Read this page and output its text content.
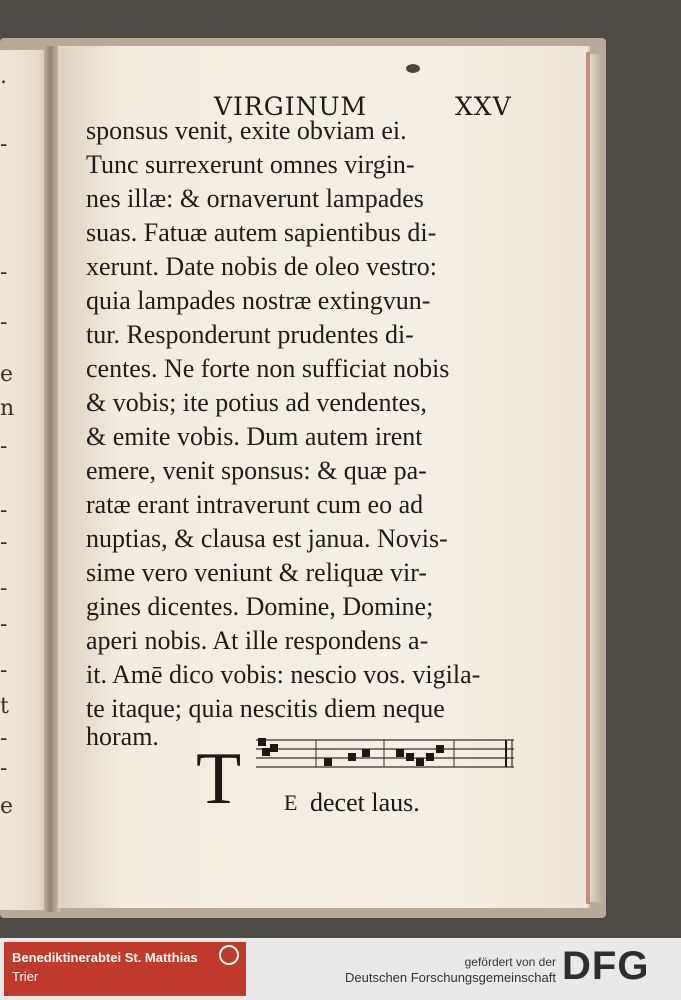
.
-
-
-
e
n
-
-
-
-
-
-
t
-
-
e
VIRGINUM	XXV
sponsus venit, exite obviam ei.
Tunc surrexerunt omnes virgin-
nes illæ: & ornaverunt lampades
suas. Fatuæ autem sapientibus di-
xerunt. Date nobis de oleo vestro:
quia lampades nostræ extingvun-
tur. Responderunt prudentes di-
centes. Ne forte non sufficiat nobis
& vobis; ite potius ad vendentes,
& emite vobis. Dum autem irent
emere, venit sponsus: & quæ pa-
ratæ erant intraverunt cum eo ad
nuptias, & clausa est janua. Novis-
sime vero veniunt & reliquæ vir-
gines dicentes. Domine, Domine;
aperi nobis. At ille respondens a-
it. Amē dico vobis: nescio vos. vigila-
te itaque; quia nescitis diem neque
horam.
T E decet laus.
Benediktinerabtei St. Matthias
Trier
gefördert von der
Deutschen Forschungsgemeinschaft DFG
